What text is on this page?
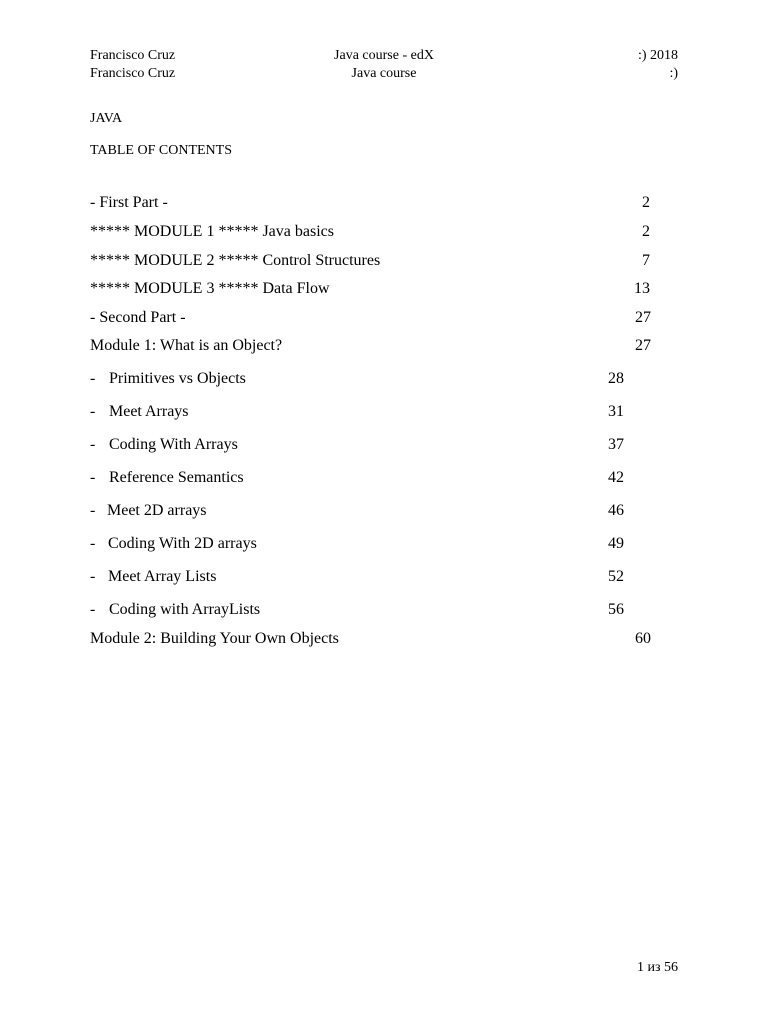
Francisco Cruz	Java course - edX	:) 2018
Francisco Cruz	Java course	:)
JAVA
TABLE OF CONTENTS
- First Part -	2
***** MODULE 1 ***** Java basics	2
***** MODULE 2 ***** Control Structures	7
***** MODULE 3 ***** Data Flow	13
- Second Part -	27
Module 1: What is an Object?	27
- Primitives vs Objects	28
- Meet Arrays	31
- Coding With Arrays	37
- Reference Semantics	42
- Meet 2D arrays	46
- Coding With 2D arrays	49
- Meet Array Lists	52
- Coding with ArrayLists	56
Module 2: Building Your Own Objects	60
1 из 56
